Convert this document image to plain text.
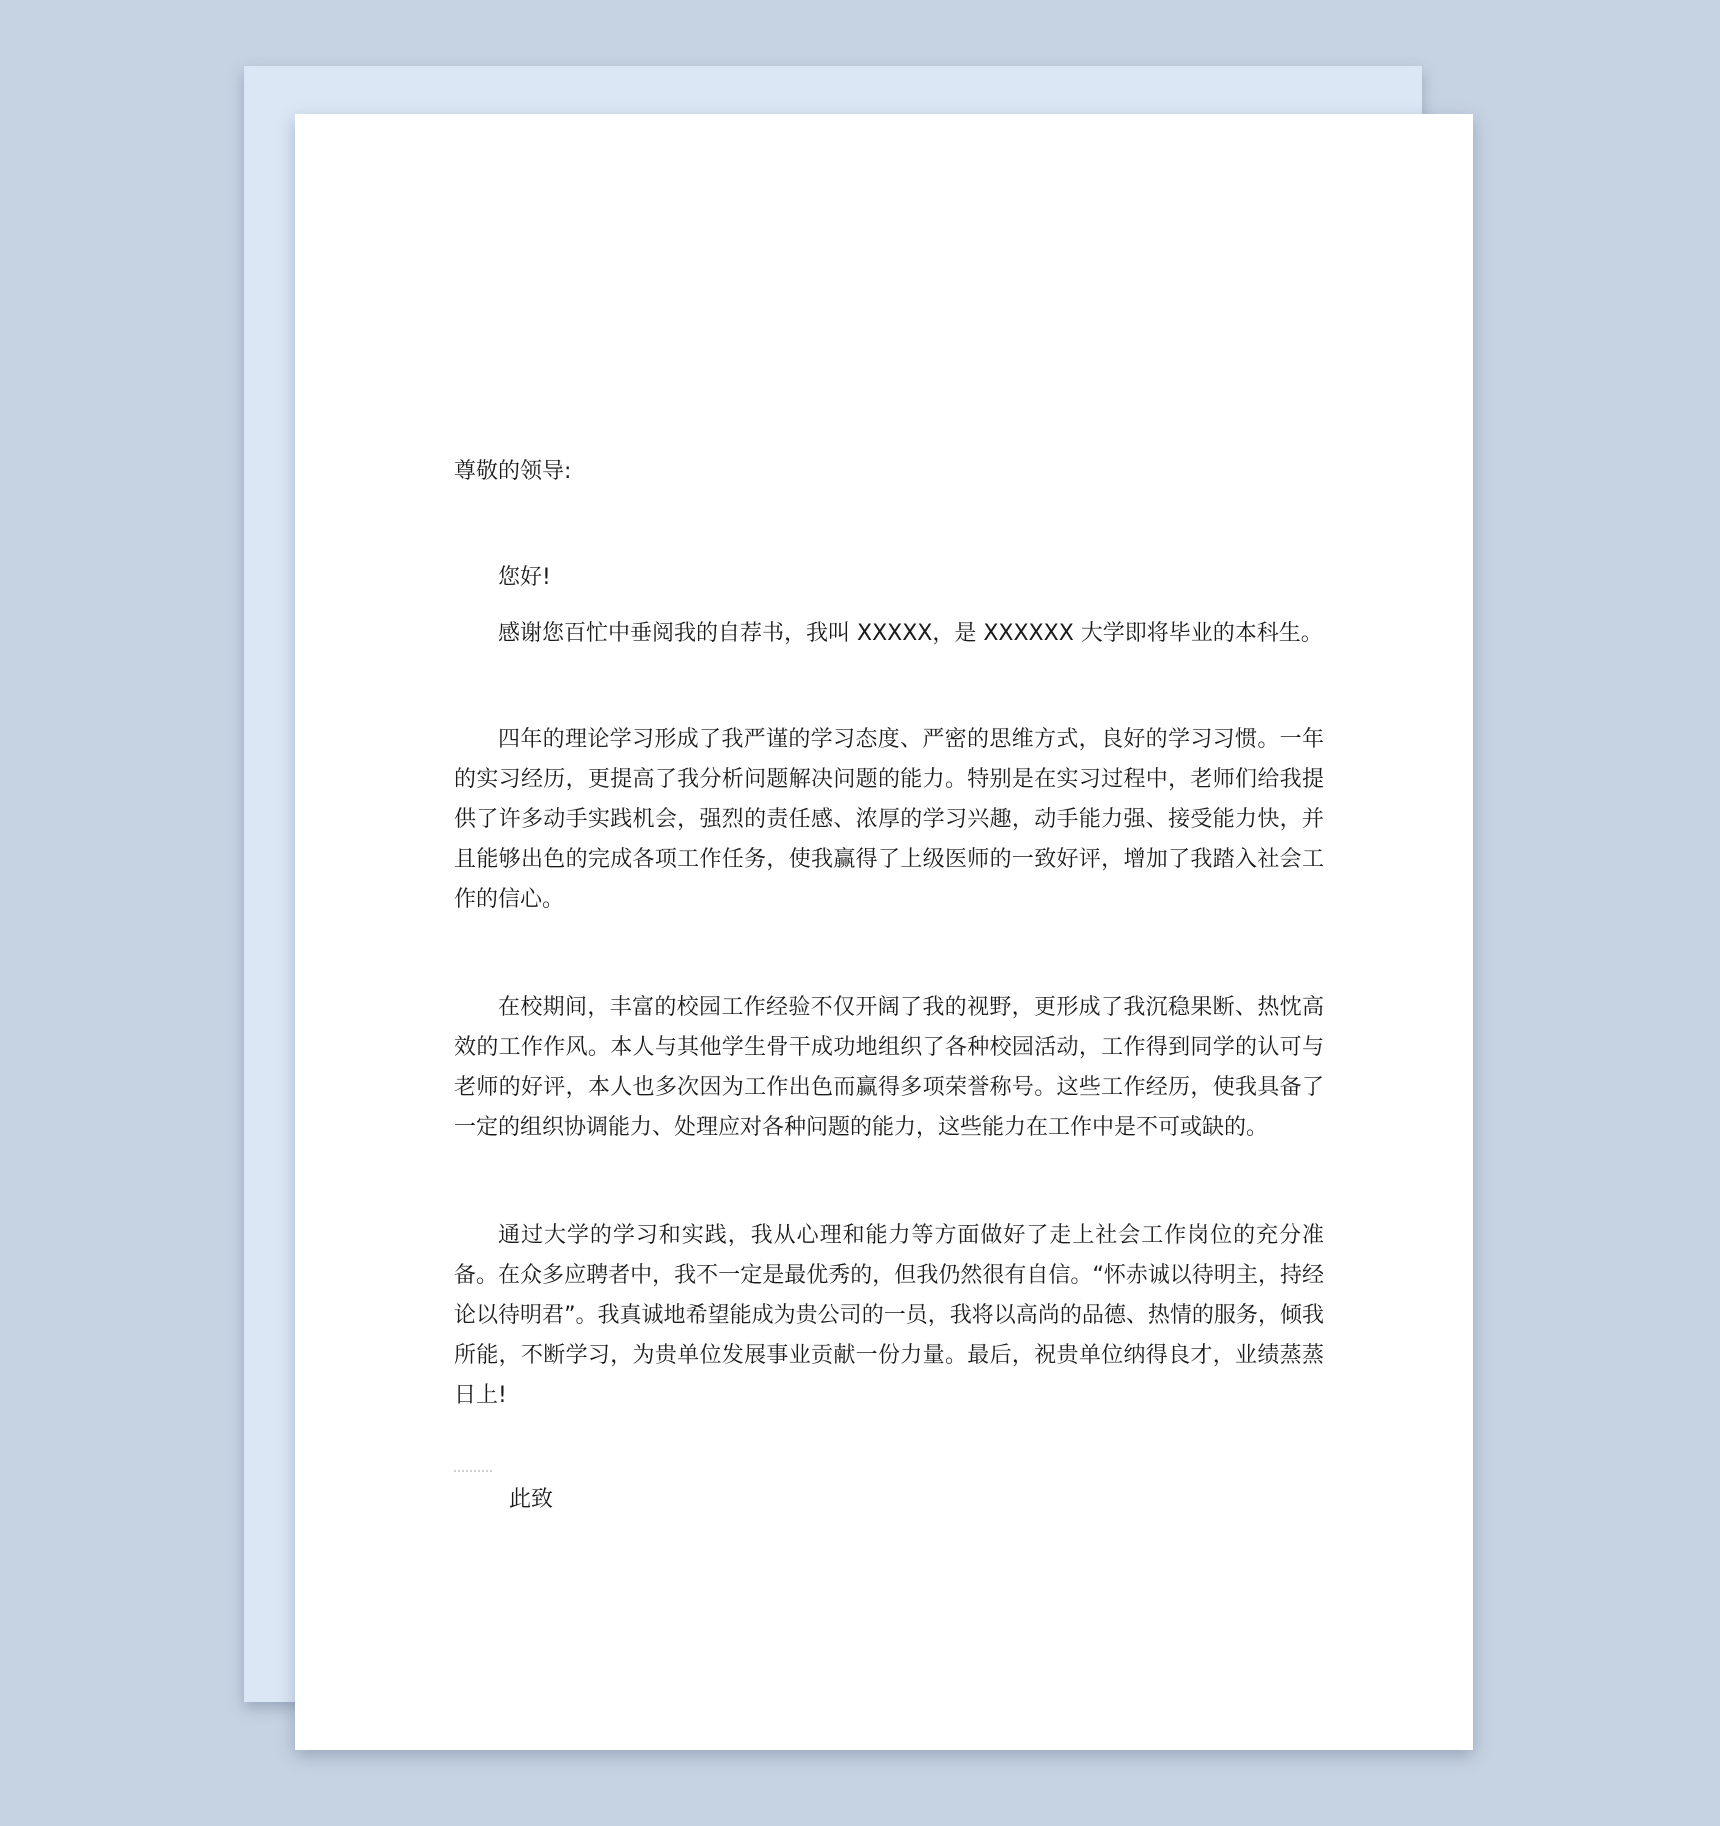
尊敬的领导:

您好!

感谢您百忙中垂阅我的自荐书，我叫 XXXXX，是 XXXXXX 大学即将毕业的本科生。

四年的理论学习形成了我严谨的学习态度、严密的思维方式，良好的学习习惯。一年的实习经历，更提高了我分析问题解决问题的能力。特别是在实习过程中，老师们给我提供了许多动手实践机会，强烈的责任感、浓厚的学习兴趣，动手能力强、接受能力快，并且能够出色的完成各项工作任务，使我赢得了上级医师的一致好评，增加了我踏入社会工作的信心。

在校期间，丰富的校园工作经验不仅开阔了我的视野，更形成了我沉稳果断、热忱高效的工作作风。本人与其他学生骨干成功地组织了各种校园活动，工作得到同学的认可与老师的好评，本人也多次因为工作出色而赢得多项荣誉称号。这些工作经历，使我具备了一定的组织协调能力、处理应对各种问题的能力，这些能力在工作中是不可或缺的。

通过大学的学习和实践，我从心理和能力等方面做好了走上社会工作岗位的充分准备。在众多应聘者中，我不一定是最优秀的，但我仍然很有自信。“怀赤诚以待明主，持经论以待明君”。我真诚地希望能成为贵公司的一员，我将以高尚的品德、热情的服务，倾我所能，不断学习，为贵单位发展事业贡献一份力量。最后，祝贵单位纳得良才，业绩蒸蒸日上!

此致
